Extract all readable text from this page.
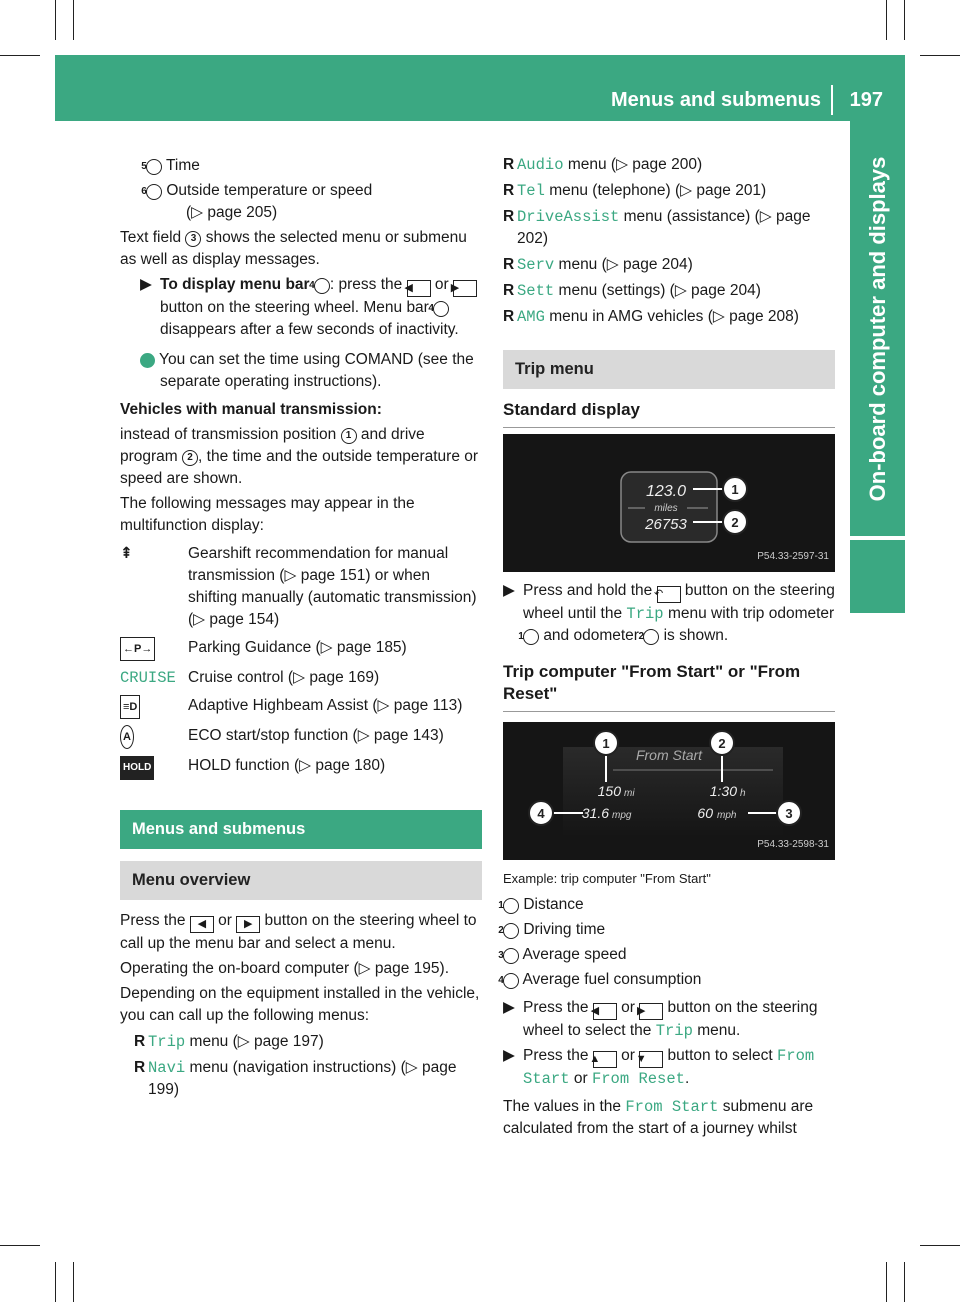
Menus and submenus 197
On-board computer and displays

5 Time

6 Outside temperature or speed
(▷ page 205)

Text field 3 shows the selected menu or submenu as well as display messages.

▶ To display menu bar 4 : press the ◀ or ▶ button on the steering wheel. Menu bar 4 disappears after a few seconds of inactivity.

i You can set the time using COMAND (see the separate operating instructions).

Vehicles with manual transmission:

instead of transmission position 1 and drive program 2 , the time and the outside temperature or speed are shown.

The following messages may appear in the multifunction display:

⇞	Gearshift recommendation for manual transmission (▷ page 151) or when shifting manually (automatic transmission) (▷ page 154)
←P→	Parking Guidance (▷ page 185)
CRUISE Cruise control (▷ page 169)
≡D	Adaptive Highbeam Assist (▷ page 113)
A	ECO start/stop function (▷ page 143)
HOLD	HOLD function (▷ page 180)
Menus and submenus
Menu overview

Press the ◀ or ▶ button on the steering wheel to call up the menu bar and select a menu.

Operating the on-board computer (▷ page 195).

Depending on the equipment installed in the vehicle, you can call up the following menus:

R Trip menu (▷ page 197)
R Navi menu (navigation instructions) (▷ page 199)
R Audio menu (▷ page 200)
R Tel menu (telephone) (▷ page 201)
R DriveAssist menu (assistance) (▷ page 202)
R Serv menu (▷ page 204)
R Sett menu (settings) (▷ page 204)
R AMG menu in AMG vehicles (▷ page 208)
Trip menu
Standard display
123.0
miles
26753
1
2
P54.33-2597-31

▶ Press and hold the ↶ button on the steering wheel until the Trip menu with trip odometer 1 and odometer 2 is shown.

Trip computer "From Start" or "From Reset"
From Start
150 mi	1:30 h
31.6 mpg	60 mph
1	2
3
4
P54.33-2598-31

Example: trip computer "From Start"

1 Distance

2 Driving time

3 Average speed

4 Average fuel consumption

▶ Press the ◀ or ▶ button on the steering wheel to select the Trip menu.

▶ Press the ▲ or ▼ button to select From Start or From Reset.

The values in the From Start submenu are calculated from the start of a journey whilst
